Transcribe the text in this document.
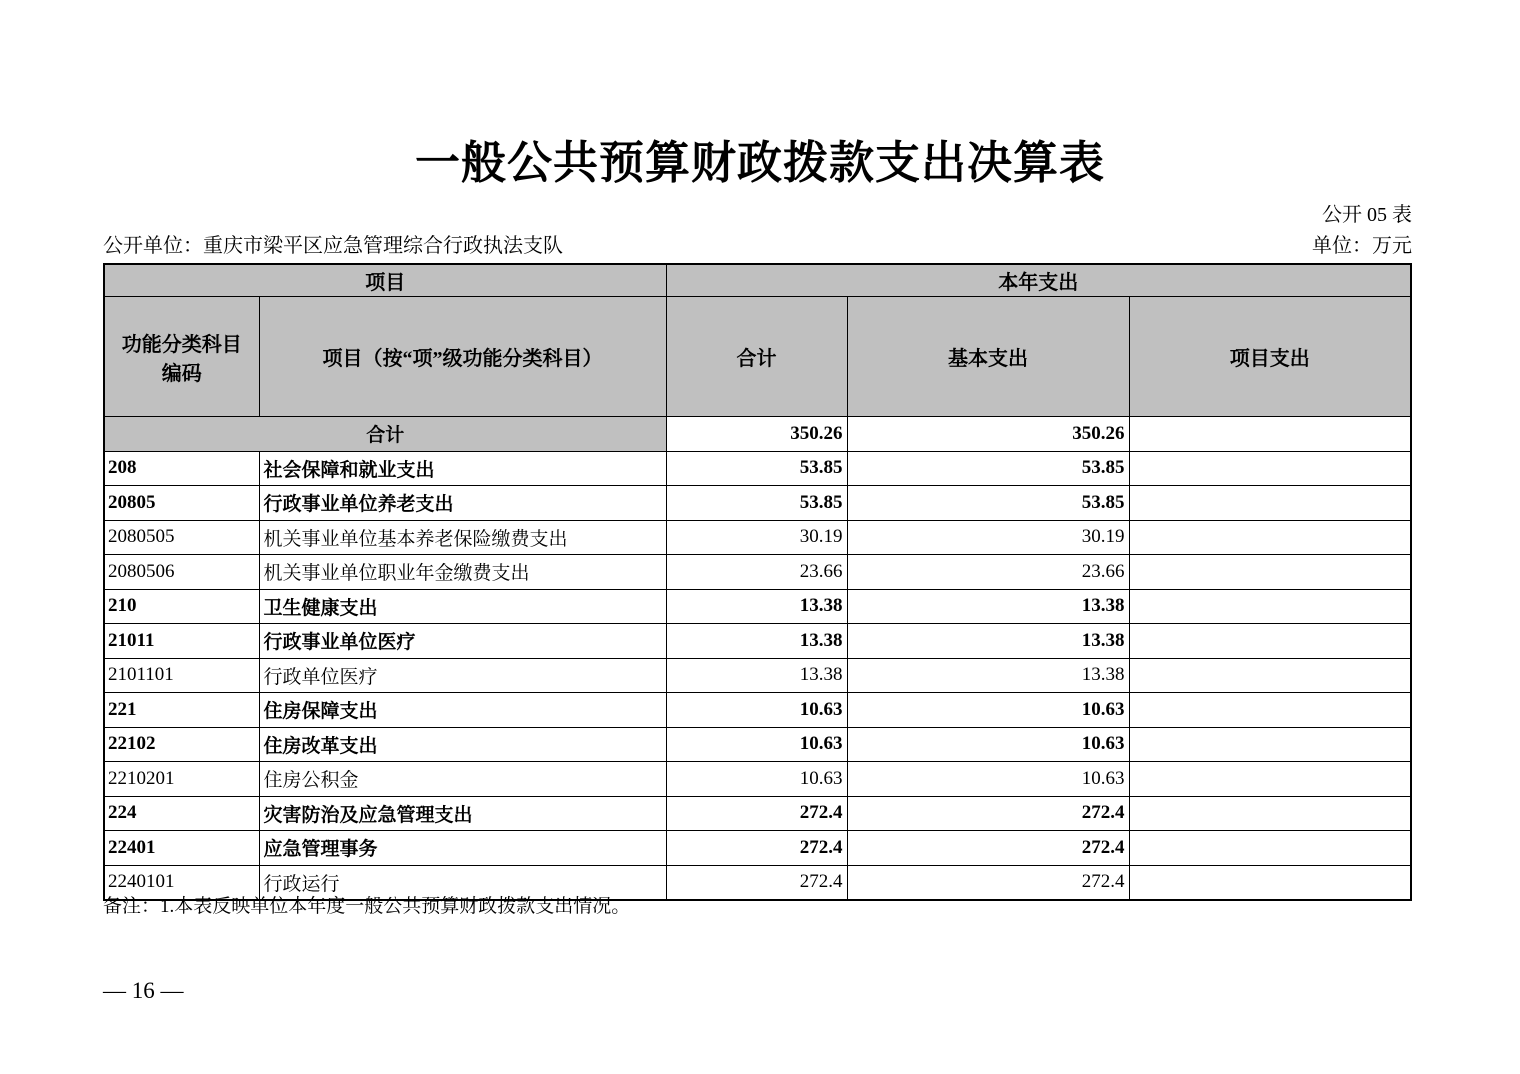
一般公共预算财政拨款支出决算表
公开 05 表
公开单位：重庆市梁平区应急管理综合行政执法支队	单位：万元
项目		本年支出		
功能分类科目编码	项目（按“项”级功能分类科目）	合计	基本支出	项目支出
合计		350.26	350.26	
208	社会保障和就业支出	53.85	53.85	
20805	行政事业单位养老支出	53.85	53.85	
2080505	机关事业单位基本养老保险缴费支出	30.19	30.19	
2080506	机关事业单位职业年金缴费支出	23.66	23.66	
210	卫生健康支出	13.38	13.38	
21011	行政事业单位医疗	13.38	13.38	
2101101	行政单位医疗	13.38	13.38	
221	住房保障支出	10.63	10.63	
22102	住房改革支出	10.63	10.63	
2210201	住房公积金	10.63	10.63	
224	灾害防治及应急管理支出	272.4	272.4	
22401	应急管理事务	272.4	272.4	
2240101	行政运行	272.4	272.4	
备注：1.本表反映单位本年度一般公共预算财政拨款支出情况。
— 16 —
